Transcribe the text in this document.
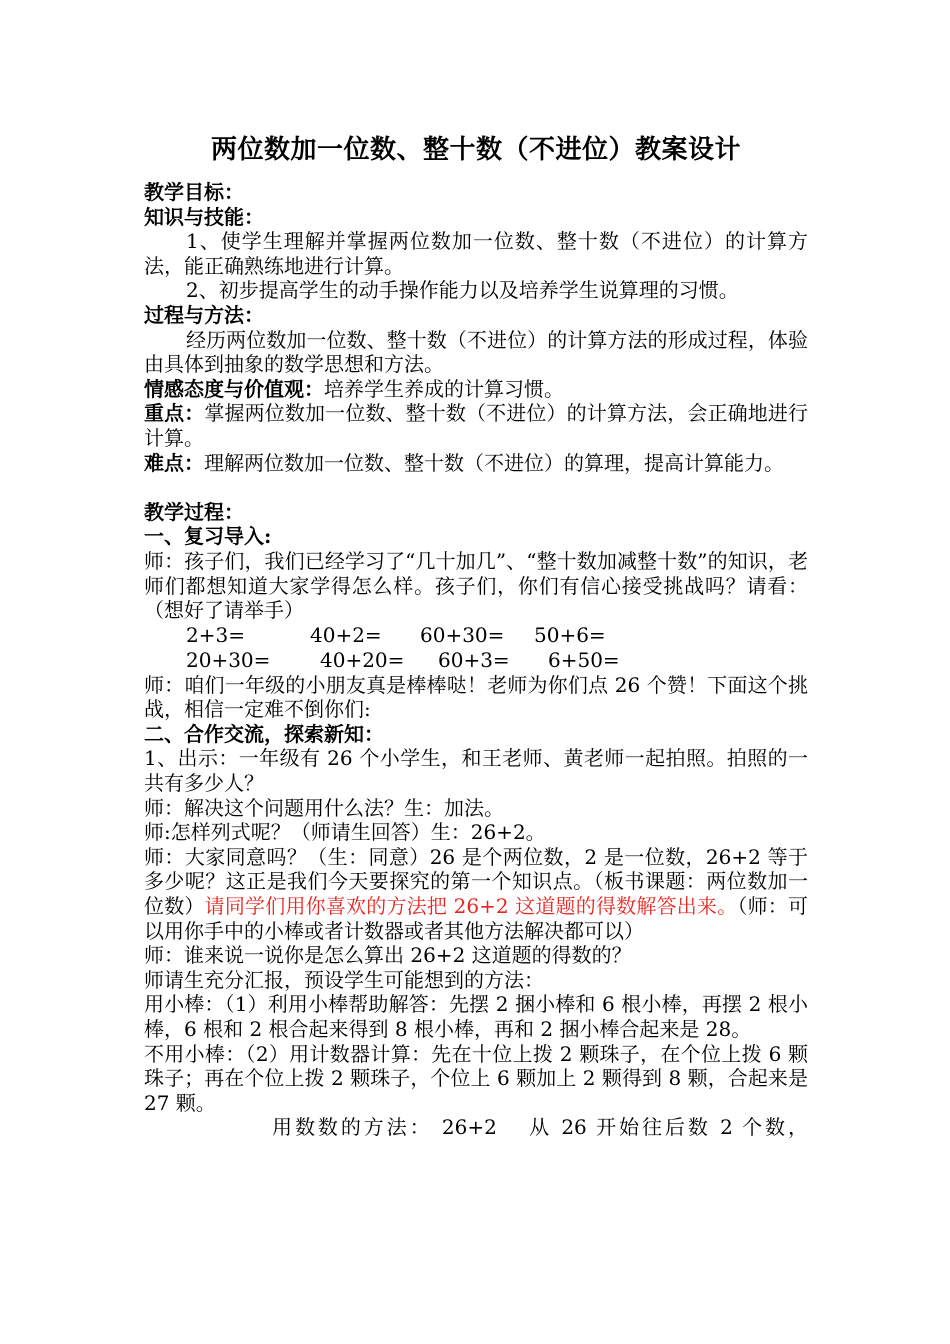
两位数加一位数、整十数（不进位）教案设计

教学目标：

知识与技能：

1、使学生理解并掌握两位数加一位数、整十数（不进位）的计算方法，能正确熟练地进行计算。

2、初步提高学生的动手操作能力以及培养学生说算理的习惯。

过程与方法：

经历两位数加一位数、整十数（不进位）的计算方法的形成过程，体验由具体到抽象的数学思想和方法。

情感态度与价值观：培养学生养成的计算习惯。

重点：掌握两位数加一位数、整十数（不进位）的计算方法，会正确地进行计算。

难点：理解两位数加一位数、整十数（不进位）的算理，提高计算能力。

教学过程：

一、复习导入:

师：孩子们，我们已经学习了“几十加几”、“整十数加减整十数”的知识，老师们都想知道大家学得怎么样。孩子们，你们有信心接受挑战吗？请看：（想好了请举手）

2+3=	40+2= 60+30= 50+6=
20+30= 40+20= 60+3= 6+50=

师：咱们一年级的小朋友真是棒棒哒！老师为你们点 26 个赞！下面这个挑战，相信一定难不倒你们:

二、合作交流，探索新知：

1、出示：一年级有 26 个小学生，和王老师、黄老师一起拍照。拍照的一共有多少人？

师：解决这个问题用什么法？生：加法。

师:怎样列式呢？（师请生回答）生：26+2。

师：大家同意吗？（生：同意）26 是个两位数，2 是一位数，26+2 等于多少呢？这正是我们今天要探究的第一个知识点。（板书课题：两位数加一位数）请同学们用你喜欢的方法把 26+2 这道题的得数解答出来。（师：可以用你手中的小棒或者计数器或者其他方法解决都可以）

师：谁来说一说你是怎么算出 26+2 这道题的得数的？

师请生充分汇报，预设学生可能想到的方法：

用小棒：（1）利用小棒帮助解答：先摆 2 捆小棒和 6 根小棒，再摆 2 根小棒，6 根和 2 根合起来得到 8 根小棒，再和 2 捆小棒合起来是 28。

不用小棒：（2）用计数器计算：先在十位上拨 2 颗珠子，在个位上拨 6 颗珠子；再在个位上拨 2 颗珠子，个位上 6 颗加上 2 颗得到 8 颗，合起来是 27 颗。

用数数的方法： 26+2 　从 26 开始往后数 2 个数，
